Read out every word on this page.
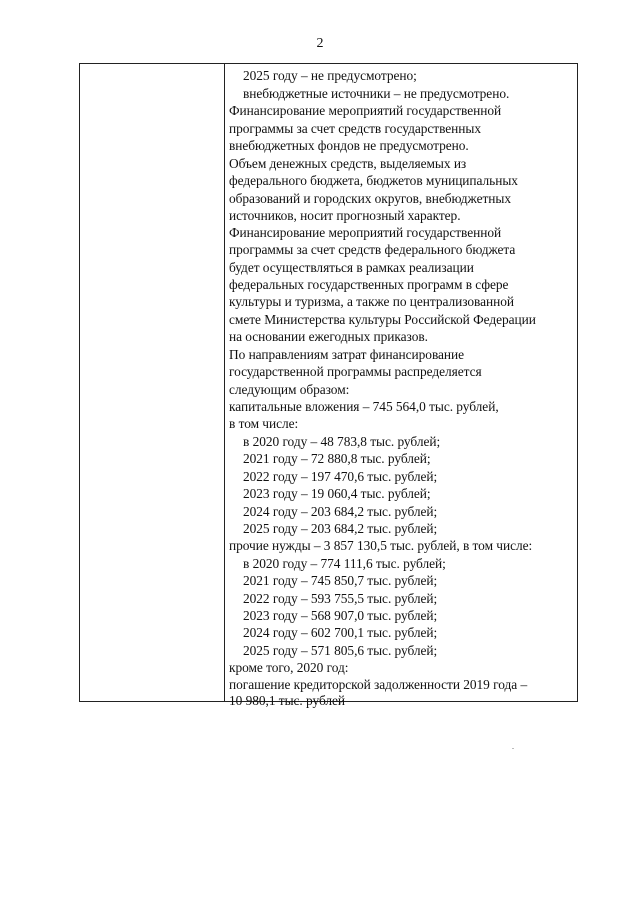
2
2025 году – не предусмотрено;
внебюджетные источники – не предусмотрено.
Финансирование мероприятий государственной
программы за счет средств государственных
внебюджетных фондов не предусмотрено.
Объем денежных средств, выделяемых из
федерального бюджета, бюджетов муниципальных
образований и городских округов, внебюджетных
источников, носит прогнозный характер.
Финансирование мероприятий государственной
программы за счет средств федерального бюджета
будет осуществляться в рамках реализации
федеральных государственных программ в сфере
культуры и туризма, а также по централизованной
смете Министерства культуры Российской Федерации
на основании ежегодных приказов.
По направлениям затрат финансирование
государственной программы распределяется
следующим образом:
капитальные вложения – 745 564,0 тыс. рублей,
в том числе:
в 2020 году – 48 783,8 тыс. рублей;
2021 году – 72 880,8 тыс. рублей;
2022 году – 197 470,6 тыс. рублей;
2023 году – 19 060,4 тыс. рублей;
2024 году – 203 684,2 тыс. рублей;
2025 году – 203 684,2 тыс. рублей;
прочие нужды – 3 857 130,5 тыс. рублей, в том числе:
в 2020 году – 774 111,6 тыс. рублей;
2021 году – 745 850,7 тыс. рублей;
2022 году – 593 755,5 тыс. рублей;
2023 году – 568 907,0 тыс. рублей;
2024 году – 602 700,1 тыс. рублей;
2025 году – 571 805,6 тыс. рублей;
кроме того, 2020 год:
погашение кредиторской задолженности 2019 года –
10 980,1 тыс. рублей
